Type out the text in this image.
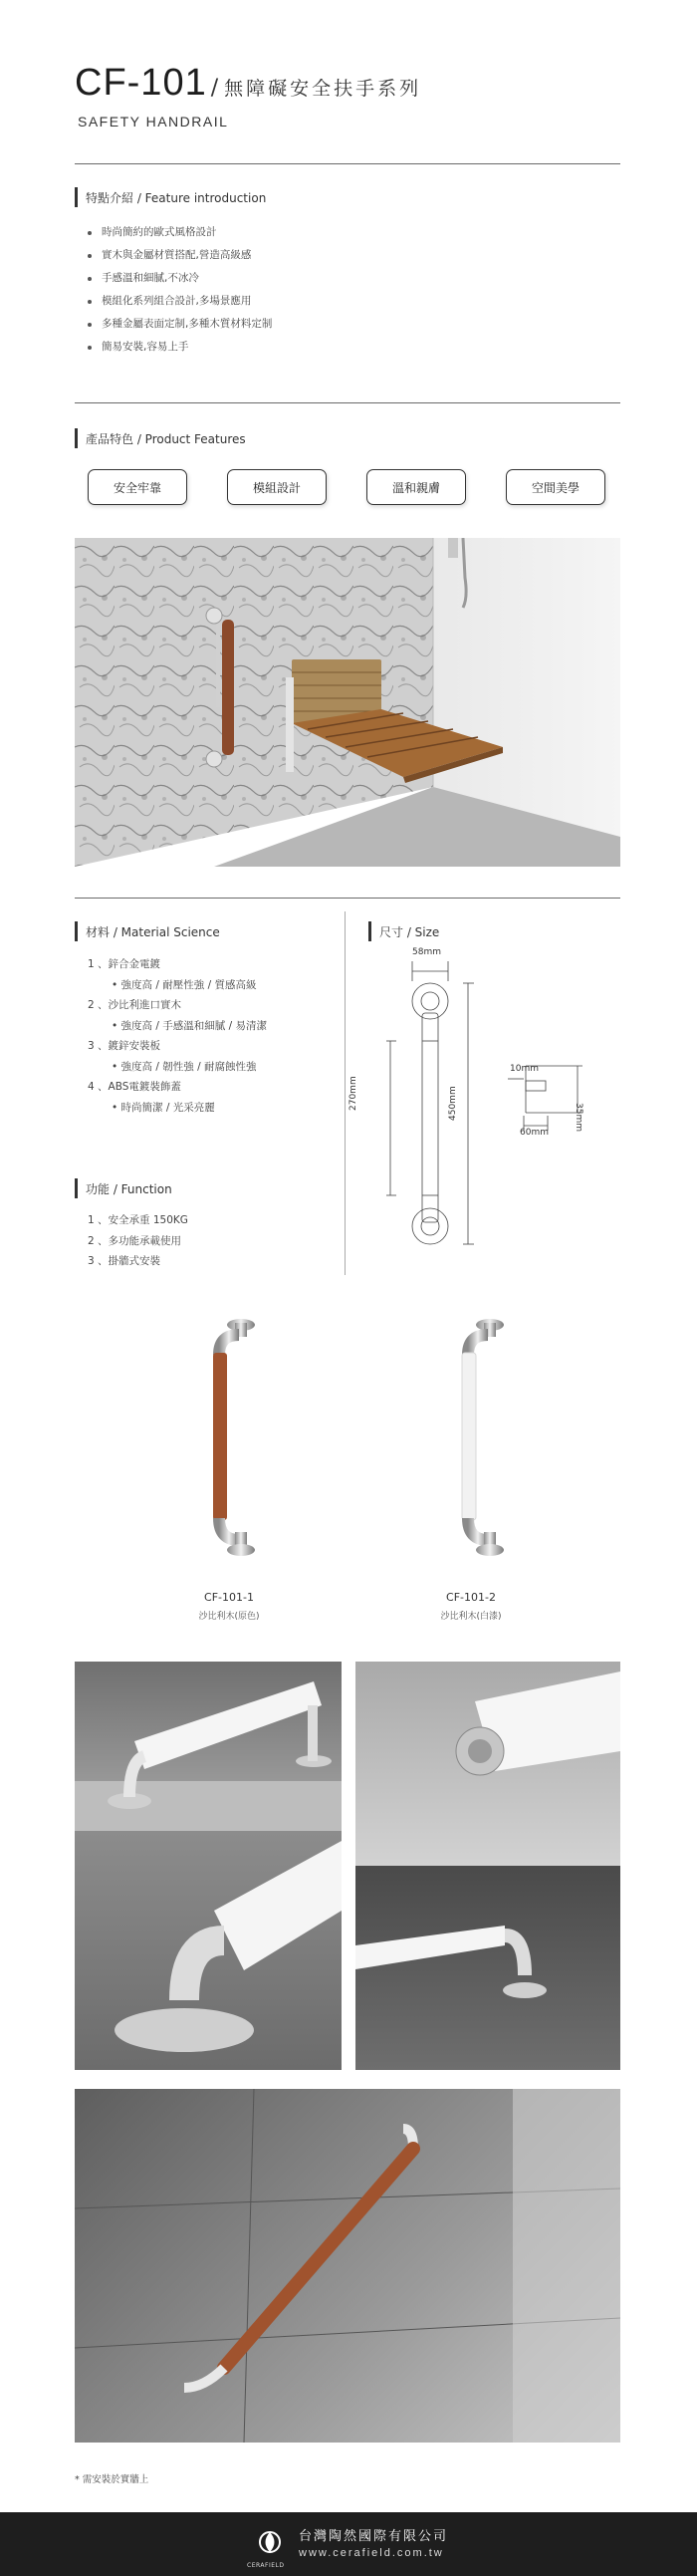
CF-101 / 無障礙安全扶手系列
SAFETY HANDRAIL
特點介紹 / Feature introduction
時尚簡約的歐式風格設計
實木與金屬材質搭配,營造高級感
手感溫和細膩,不冰冷
模組化系列組合設計,多場景應用
多種金屬表面定制,多種木質材料定制
簡易安裝,容易上手
產品特色 / Product Features
安全牢靠	模組設計	溫和親膚	空間美學
材料 / Material Science
1 、鋅合金電鍍
• 強度高 / 耐壓性強 / 質感高級
2 、沙比利進口實木
• 強度高 / 手感溫和細膩 / 易清潔
3 、鍍鋅安裝板
• 強度高 / 韌性強 / 耐腐蝕性強
4 、ABS電鍍裝飾蓋
• 時尚簡潔 / 光采亮麗
功能 / Function
1 、安全承重 150KG
2 、多功能承載使用
3 、掛牆式安裝
尺寸 / Size
58mm
270mm	450mm
10mm
35mm
60mm
CF-101-1
沙比利木(原色)
CF-101-2
沙比利木(白漆)
* 需安裝於實牆上
CERAFIELD
台灣陶然國際有限公司
www.cerafield.com.tw
